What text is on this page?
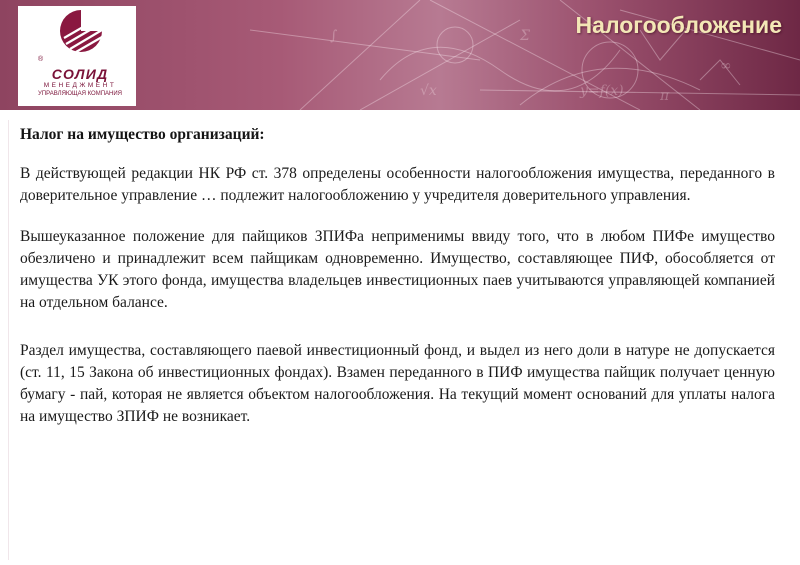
∫
√x
Σ
π
∞
y=f(x)
®
СОЛИД
МЕНЕДЖМЕНТ
УПРАВЛЯЮЩАЯ КОМПАНИЯ
Налогообложение

Налог на имущество организаций:

В действующей редакции НК РФ ст. 378 определены особенности налогообложения имущества, переданного в доверительное управление … подлежит налогообложению у учредителя доверительного управления.

Вышеуказанное положение для пайщиков ЗПИФа неприменимы ввиду того, что в любом ПИФе имущество обезличено и принадлежит всем пайщикам одновременно. Имущество, составляющее ПИФ, обособляется от имущества УК этого фонда, имущества владельцев инвестиционных паев учитываются управляющей компанией на отдельном балансе.

Раздел имущества, составляющего паевой инвестиционный фонд, и выдел из него доли в натуре не допускается (ст. 11, 15 Закона об инвестиционных фондах). Взамен переданного в ПИФ имущества пайщик получает ценную бумагу - пай, которая не является объектом налогообложения. На текущий момент оснований для уплаты налога на имущество ЗПИФ не возникает.
